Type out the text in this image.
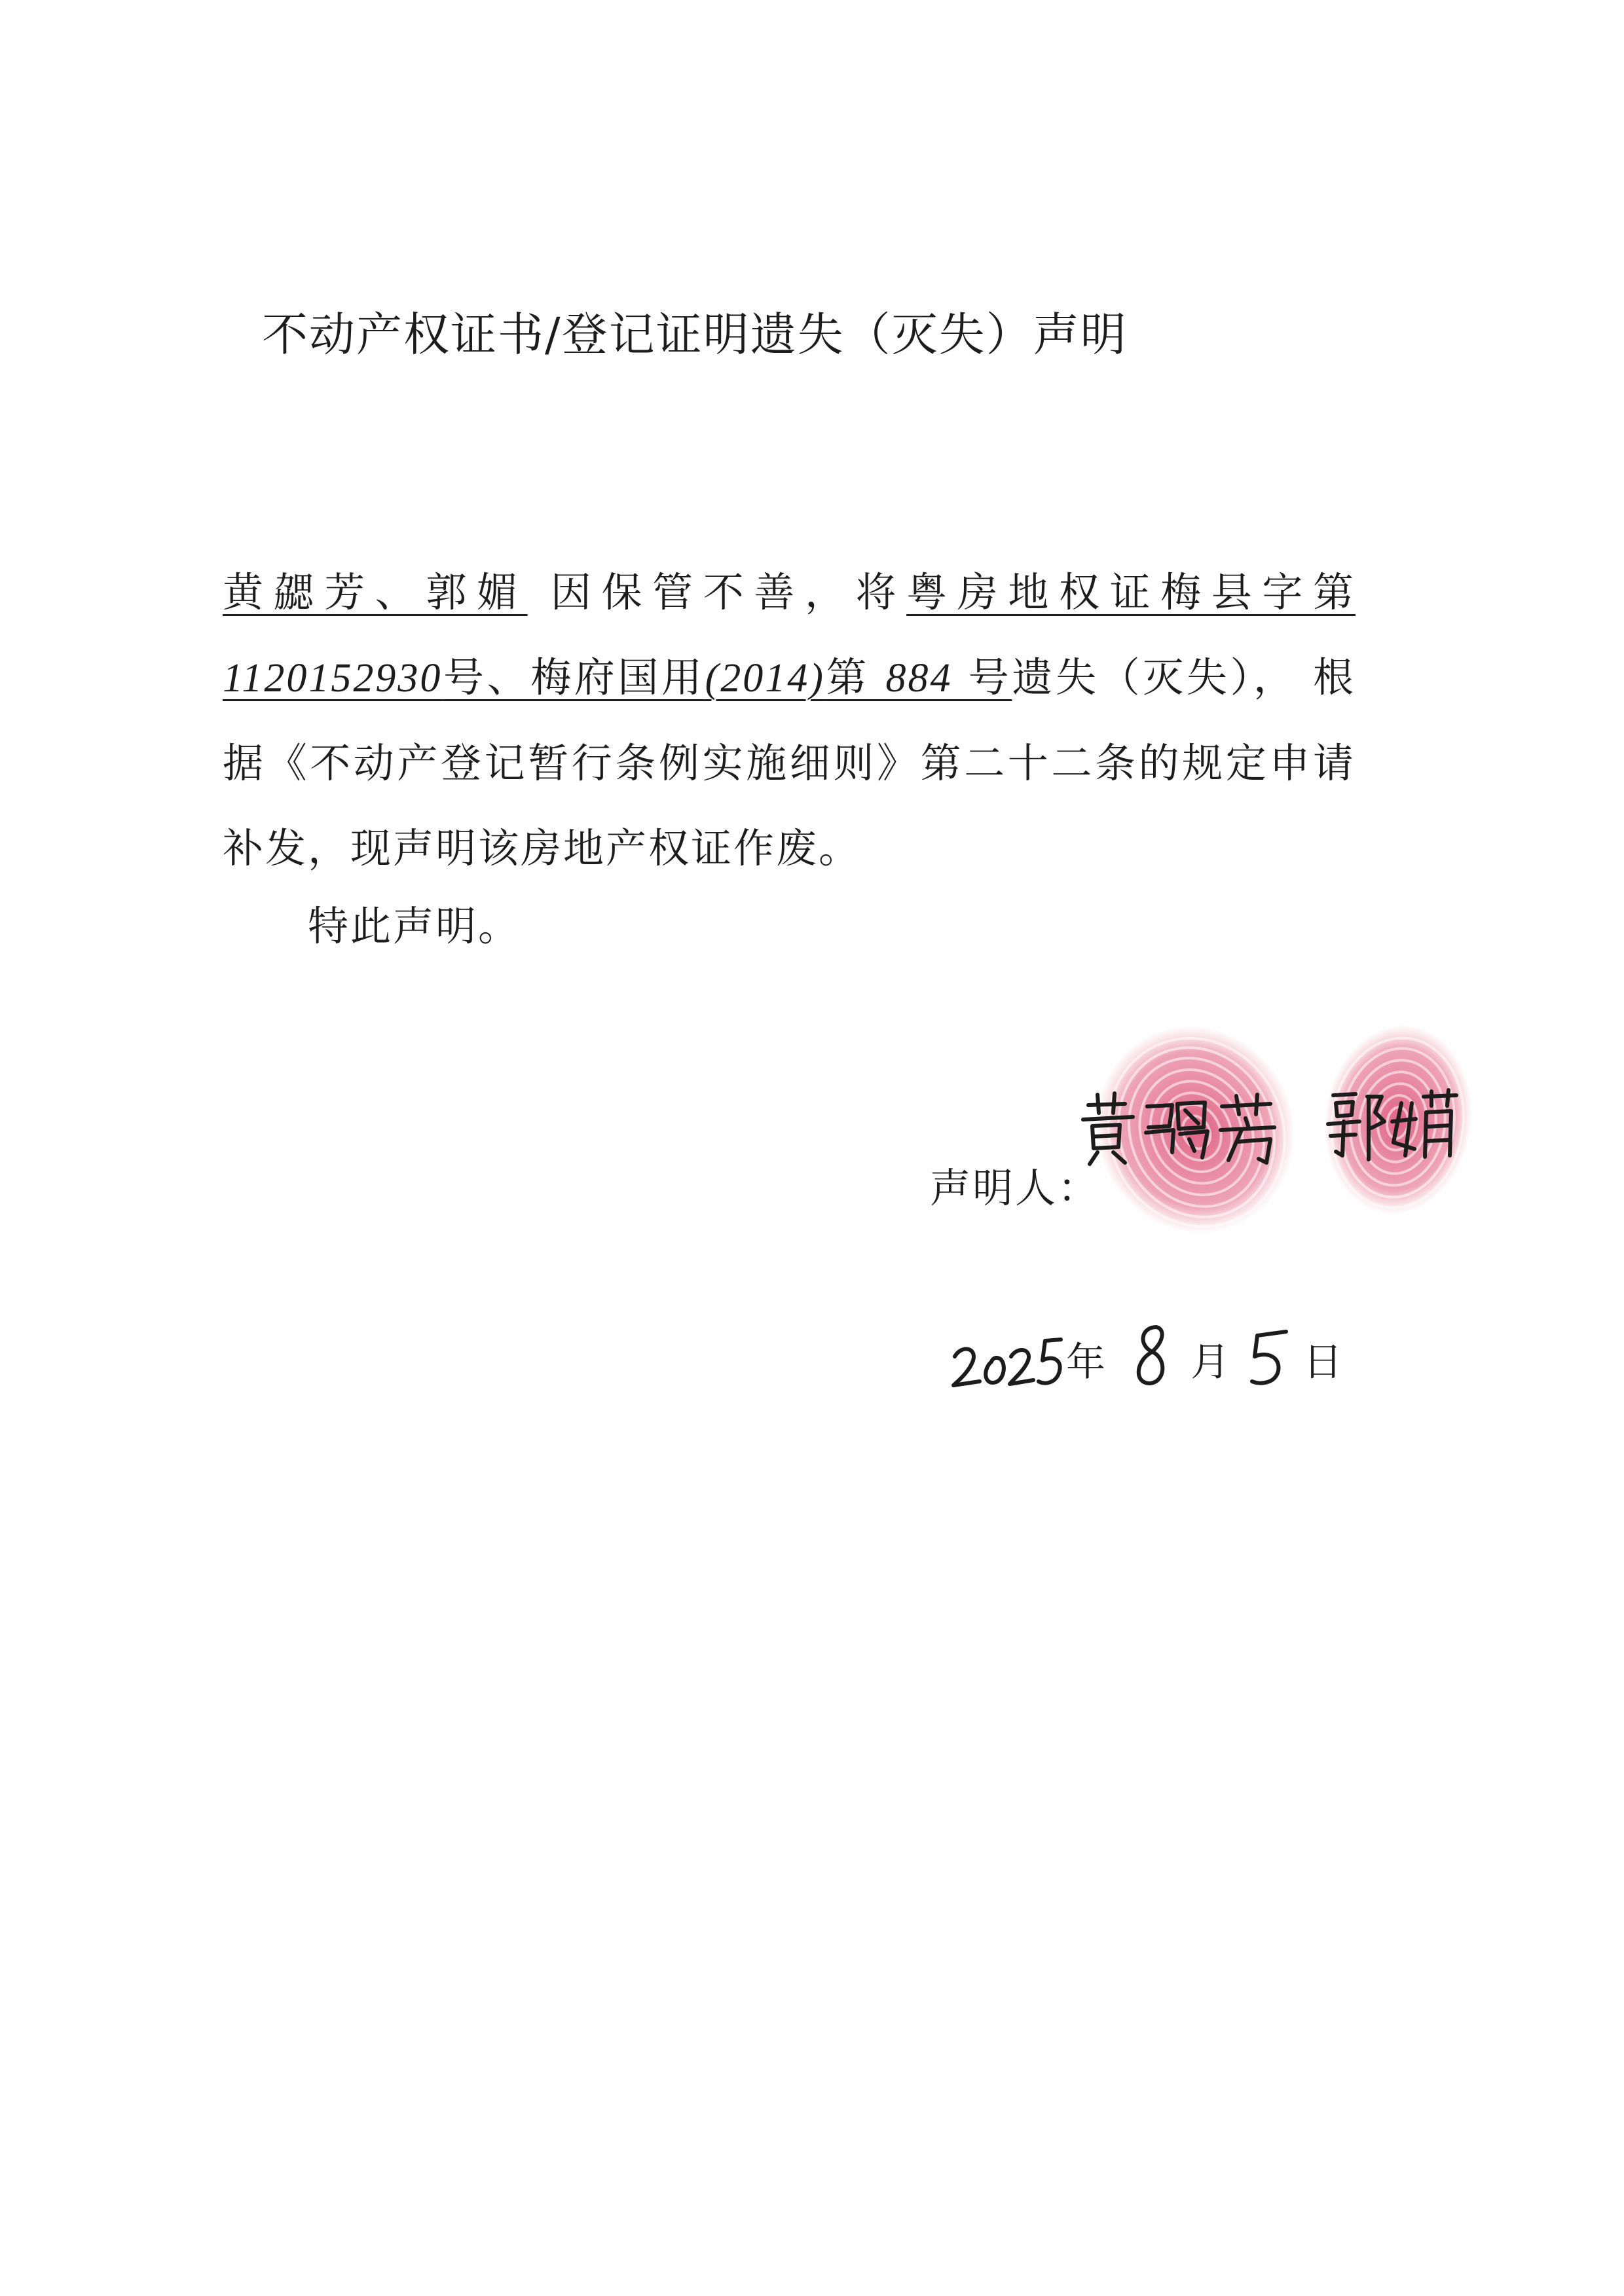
不动产权证书/登记证明遗失（灭失）声明

黄勰芳、郭媚 因保管不善，将粤房地权证梅县字第1120152930号、梅府国用(2014)第 884 号遗失（灭失）， 根据《不动产登记暂行条例实施细则》第二十二条的规定申请补发，现声明该房地产权证作废。

特此声明。

声明人：
年 月 日
